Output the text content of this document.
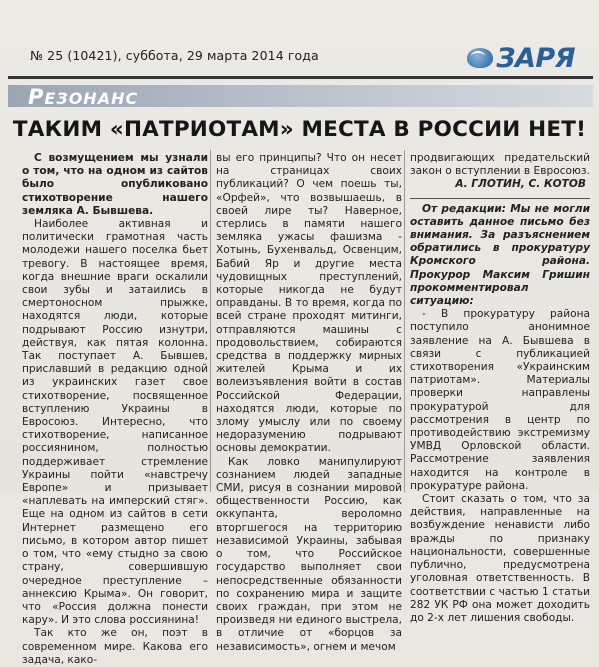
№ 25 (10421), суббота, 29 марта 2014 года	ЗАРЯ
РЕЗОНАНС
ТАКИМ «ПАТРИОТАМ» МЕСТА В РОССИИ НЕТ!

С возмущением мы узнали о том, что на одном из сайтов было опубликовано стихотворение нашего земляка А. Бывшева.

Наиболее активная и политически грамотная часть молодежи нашего поселка бьет тревогу. В настоящее время, когда внешние враги оскалили свои зубы и затаились в смертоносном прыжке, находятся люди, которые подрывают Россию изнутри, действуя, как пятая колонна. Так поступает А. Бывшев, приславший в редакцию одной из украинских газет свое стихотворение, посвященное вступлению Украины в Евросоюз. Интересно, что стихотворение, написанное россиянином, полностью поддерживает стремление Украины пойти «навстречу Европе» и призывает «наплевать на имперский стяг». Еще на одном из сайтов в сети Интернет размещено его письмо, в котором автор пишет о том, что «ему стыдно за свою страну, совершившую очередное преступление – аннексию Крыма». Он говорит, что «Россия должна понести кару». И это слова россиянина!

Так кто же он, поэт в современном мире. Какова его задача, како-

вы его принципы? Что он несет на страницах своих публикаций? О чем поешь ты, «Орфей», что возвышаешь, в своей лире ты? Наверное, стерлись в памяти нашего земляка ужасы фашизма - Хотынь, Бухенвальд, Освенцим, Бабий Яр и другие места чудовищных преступлений, которые никогда не будут оправданы. В то время, когда по всей стране проходят митинги, отправляются машины с продовольствием, собираются средства в поддержку мирных жителей Крыма и их волеизъявления войти в состав Российской Федерации, находятся люди, которые по злому умыслу или по своему недоразумению подрывают основы демократии.

Как ловко манипулируют сознанием людей западные СМИ, рисуя в сознании мировой общественности Россию, как оккупанта, вероломно вторгшегося на территорию независимой Украины, забывая о том, что Российское государство выполняет свои непосредственные обязанности по сохранению мира и защите своих граждан, при этом не произведя ни единого выстрела, в отличие от «борцов за независимость», огнем и мечом

продвигающих предательский закон о вступлении в Евросоюз.

А. ГЛОТИН, С. КОТОВ

От редакции: Мы не могли оставить данное письмо без внимания. За разъяснением обратились в прокуратуру Кромского района. Прокурор Максим Гришин прокомментировал ситуацию:

- В прокуратуру района поступило анонимное заявление на А. Бывшева в связи с публикацией стихотворения «Украинским патриотам». Материалы проверки направлены прокуратурой для рассмотрения в центр по противодействию экстремизму УМВД Орловской области. Рассмотрение заявления находится на контроле в прокуратуре района.

Стоит сказать о том, что за действия, направленные на возбуждение ненависти либо вражды по признаку национальности, совершенные публично, предусмотрена уголовная ответственность. В соответствии с частью 1 статьи 282 УК РФ она может доходить до 2-х лет лишения свободы.
